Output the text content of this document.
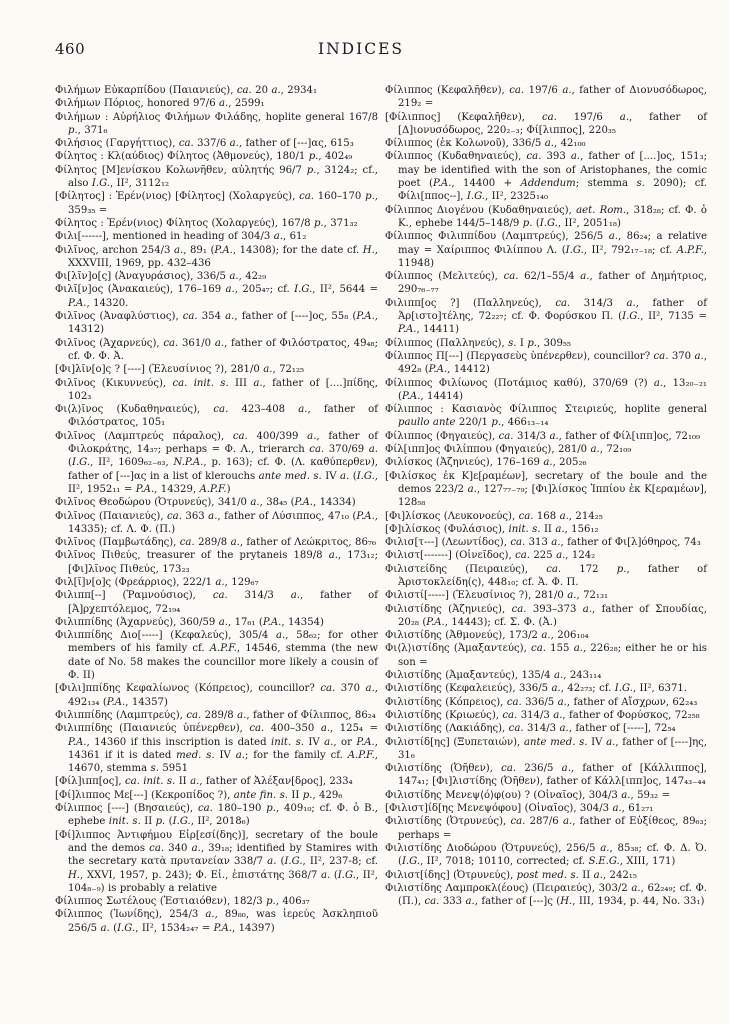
460	INDICES

Φιλήμων Εὐκαρπίδου (Παιανιεύς), ca. 20 a., 2934₁

Φιλήμων Πόριος, honored 97/6 a., 2599₁

Φιλήμων : Αὐρήλιος Φιλήμων Φιλάδης, hoplite general 167/8 p., 371₆

Φιλήσιος (Γαργήττιος), ca. 337/6 a., father of [---]ας, 615₃

Φίλητος : Κλ(αύδιος) Φίλητος (Ἀθμονεύς), 180/1 p., 402₄₉

Φίλητος [Μ]ενίσκου Κολωνῆθεν, αὐλητής 96/7 p., 3124₂; cf., also I.G., II², 3112₁₂

[Φίλητος] : Ἑρέν(νιος) [Φίλητος] (Χολαργεύς), ca. 160–170 p., 359₃₅ =

Φίλητος : Ἑρέν(νιος) Φίλητος (Χολαργεύς), 167/8 p., 371₃₂

Φιλι[------], mentioned in heading of 304/3 a., 61₂

Φιλῖνος, archon 254/3 a., 89₁ (P.A., 14308); for the date cf. H., XXXVIII, 1969, pp. 432–436

Φι[λῖν]ο[ς] (Ἀναγυράσιος), 336/5 a., 42₂₉

Φιλῖ[ν]ος (Ἀνακαιεύς), 176–169 a., 205₄₇; cf. I.G., II², 5644 = P.A., 14320.

Φιλῖνος (Ἀναφλύστιος), ca. 354 a., father of [----]ος, 55₈ (P.A., 14312)

Φιλῖνος (Ἀχαρνεύς), ca. 361/0 a., father of Φιλόστρατος, 49₄₈; cf. Φ. Φ. Ἀ.

[Φι]λῖν[ο]ς ? [----] (Ἐλευσίνιος ?), 281/0 a., 72₁₂₅

Φιλῖνος (Κικυννεύς), ca. init. s. III a., father of [....]πίδης, 102₃

Φι⟨λ⟩ῖνος (Κυδαθηναιεύς), ca. 423–408 a., father of Φιλόστρατος, 105₁

Φιλῖνος (Λαμπτρεύς πάραλος), ca. 400/399 a., father of Φιλοκράτης, 14₃₇; perhaps = Φ. Λ., trierarch ca. 370/69 a. (I.G., II², 1609₆₂₋₆₃, N.P.A., p. 163); cf. Φ. (Λ. καθύπερθεν), father of [---]ας in a list of klerouchs ante med. s. IV a. (I.G., II², 1952₁₁ = P.A., 14329, A.P.F.)

Φιλῖνος Θεοδώρου (Ὀτρυνεύς), 341/0 a., 38₄₅ (P.A., 14334)

Φιλῖνος (Παιανιεύς), ca. 363 a., father of Λύσιππος, 47₁₀ (P.A., 14335); cf. Λ. Φ. (Π.)

Φιλῖνος (Παμβωτάδης), ca. 289/8 a., father of Λεώκριτος, 86₇₆

Φιλῖνος Πιθεύς, treasurer of the prytaneis 189/8 a., 173₁₂; [Φι]λῖνος Πιθεύς, 173₂₃

Φιλ[ῖ]ν[ο]ς (Φρεάρριος), 222/1 a., 129₆₇

Φιλιππ[--] (Ῥαμνούσιος), ca. 314/3 a., father of [Ἀ]ρχεπτόλεμος, 72₁₉₄

Φιλιππίδης (Ἀχαρνεύς), 360/59 a., 17₆₁ (P.A., 14354)

Φιλιππίδης Διο[-----] (Κεφαλεύς), 305/4 a., 58₆₂; for other members of his family cf. A.P.F., 14546, stemma (the new date of No. 58 makes the councillor more likely a cousin of Φ. II)

[Φιλι]ππίδης Κεφαλίωνος (Κόπρειος), councillor? ca. 370 a., 492₁₃₄ (P.A., 14357)

Φιλιππίδης (Λαμπτρεύς), ca. 289/8 a., father of Φίλιππος, 86₂₄

Φιλιππίδης (Παιανιεύς ὑπένερθεν), ca. 400–350 a., 125₄ = P.A., 14360 if this inscription is dated init. s. IV a., or P.A., 14361 if it is dated med. s. IV a.; for the family cf. A.P.F., 14670, stemma s. 5951

[Φίλ]ιππ[ος], ca. init. s. II a., father of Ἀλέξαν[δρος], 233₄

[Φί]λιππος Με[---] (Κεκροπίδος ?), ante fin. s. II p., 429₆

Φίλιππος [----] (Βησαιεύς), ca. 180–190 p., 409₁₀; cf. Φ. ὁ Β., ephebe init. s. II p. (I.G., II², 2018₆)

[Φί]λιππος Ἀντιφήμου Εἰρ[εσί(δης)], secretary of the boule and the demos ca. 340 a., 39₁₈; identified by Stamires with the secretary κατὰ πρυτανείαν 338/7 a. (I.G., II², 237-8; cf. H., XXVI, 1957, p. 243); Φ. Εἰ., ἐπιστάτης 368/7 a. (I.G., II², 104₈₋₉) is probably a relative

Φίλιππος Σωτέλους (Ἑστιαιόθεν), 182/3 p., 406₃₇

Φίλιππος (Ἰωνίδης), 254/3 a., 89₈₀, was ἱερεύς Ἀσκληπιοῦ 256/5 a. (I.G., II², 1534₂₄₇ = P.A., 14397)

Φίλιππος (Κεφαλῆθεν), ca. 197/6 a., father of Διονυσόδωρος, 219₂ =

[Φίλιππος] (Κεφαλῆθεν), ca. 197/6 a., father of [Δ]ιονυσόδωρος, 220₂₋₃; Φί[λιππος], 220₃₅

Φίλιππος (ἐκ Κολωνοῦ), 336/5 a., 42₁₀₀

Φίλιππος (Κυδαθηναιεύς), ca. 393 a., father of [....]ος, 151₃; may be identified with the son of Aristophanes, the comic poet (P.A., 14400 + Addendum; stemma s. 2090); cf. Φίλι[ππος--], I.G., II², 2325₁₄₀

Φίλιππος Διογένου (Κυδαθηναιεύς), aet. Rom., 318₂₈; cf. Φ. ὁ Κ., ephebe 144/5–148/9 p. (I.G., II², 2051₁₈)

Φίλιππος Φιλιππίδου (Λαμπτρεύς), 256/5 a., 86₂₄; a relative may = Χαίριππος Φιλίππου Λ. (I.G., II², 792₁₇₋₁₈; cf. A.P.F., 11948)

Φίλιππος (Μελιτεύς), ca. 62/1–55/4 a., father of Δημήτριος, 290₇₆₋₇₇

Φιλιππ[ος ?] (Παλληνεύς), ca. 314/3 a., father of Ἀρ[ιστο]τέλης, 72₂₂₇; cf. Φ. Φορύσκου Π. (I.G., II², 7135 = P.A., 14411)

Φίλιππος (Παλληνεύς), s. I p., 309₅₅

Φίλιππος Π[---] (Περγασεὺς ὑπένερθεν), councillor? ca. 370 a., 492₈ (P.A., 14412)

Φίλιππος Φιλίωνος (Ποτάμιος καθύ), 370/69 (?) a., 13₂₀₋₂₁ (P.A., 14414)

Φίλιππος : Κασιανὸς Φίλιππος Στειριεύς, hoplite general paullo ante 220/1 p., 466₁₃₋₁₄

Φίλιππος (Φηγαιεύς), ca. 314/3 a., father of Φίλ[ιππ]ος, 72₁₀₉

Φίλ[ιππ]ος Φιλίππου (Φηγαιεύς), 281/0 a., 72₁₀₉

Φιλίσκος (Ἀζηνιεύς), 176–169 a., 205₂₆

[Φιλίσκος ἐκ Κ]ε[ραμέων], secretary of the boule and the demos 223/2 a., 127₇₇₋₇₉; [Φι]λίσκος Ἱππίου ἐκ Κ[εραμέων], 128₅₈

[Φι]λίσκος (Λευκονοεύς), ca. 168 a., 214₂₅

[Φ]ιλίσκος (Φυλάσιος), init. s. II a., 156₁₂

Φιλισ[τ---] (Λεωντίδος), ca. 313 a., father of Φι[λ]όθηρος, 74₃

Φιλιστ[-------] (Οἰνεῖδος), ca. 225 a., 124₂

Φιλιστείδης (Πειραιεύς), ca. 172 p., father of Ἀριστοκλείδη(ς), 448₁₀; cf. Ἀ. Φ. Π.

Φιλιστί[-----] (Ἐλευσίνιος ?), 281/0 a., 72₁₃₁

Φιλιστίδης (Ἀζηνιεύς), ca. 393–373 a., father of Σπουδίας, 20₂₈ (P.A., 14443); cf. Σ. Φ. (Ἀ.)

Φιλιστίδης (Ἀθμονεύς), 173/2 a., 206₁₀₄

Φι⟨λ⟩ιστίδης (Ἀμαξαντεύς), ca. 155 a., 226₂₈; either he or his son =

Φιλιστίδης (Ἀμαξαντεύς), 135/4 a., 243₁₁₄

Φιλιστίδης (Κεφαλειεύς), 336/5 a., 42₂₇₃; cf. I.G., II², 6371.

Φιλιστίδης (Κόπρειος), ca. 336/5 a., father of Αἴσχρων, 62₂₄₃

Φιλιστίδης (Κριωεύς), ca. 314/3 a., father of Φορύσκος, 72₂₅₈

Φιλιστίδης (Λακιάδης), ca. 314/3 a., father of [-----], 72₅₄

Φιλιστίδ[ης] (Ξυπεταιών), ante med. s. IV a., father of [----]ης, 31₆

Φιλιστίδης (Ὀῆθεν), ca. 236/5 a., father of [Κάλλιππος], 147₄₁; [Φι]λιστίδης (Ὀῆθεν), father of Κάλλ[ιππ]ος, 147₄₃₋₄₄

Φιλιστίδης Μενεψ⟨ό⟩φ(ου) ? (Οἰναῖος), 304/3 a., 59₃₂ =

[Φιλιστ]ίδ[ης Μενεψόφου] (Οἰναῖος), 304/3 a., 61₂₇₁

Φιλιστίδης (Ὀτρυνεύς), ca. 287/6 a., father of Εὐξίθεος, 89₆₃; perhaps =

Φιλιστίδης Διοδώρου (Ὀτρυνεύς), 256/5 a., 85₃₈; cf. Φ. Δ. Ὀ. (I.G., II², 7018; 10110, corrected; cf. S.E.G., XIII, 171)

Φιλιστ[ίδης] (Ὀτρυνεύς), post med. s. II a., 242₁₅

Φιλιστίδης Λαμπροκλ(έους) (Πειραιεύς), 303/2 a., 62₂₄₉; cf. Φ. (Π.), ca. 333 a., father of [---]ς (H., III, 1934, p. 44, No. 33₁)
